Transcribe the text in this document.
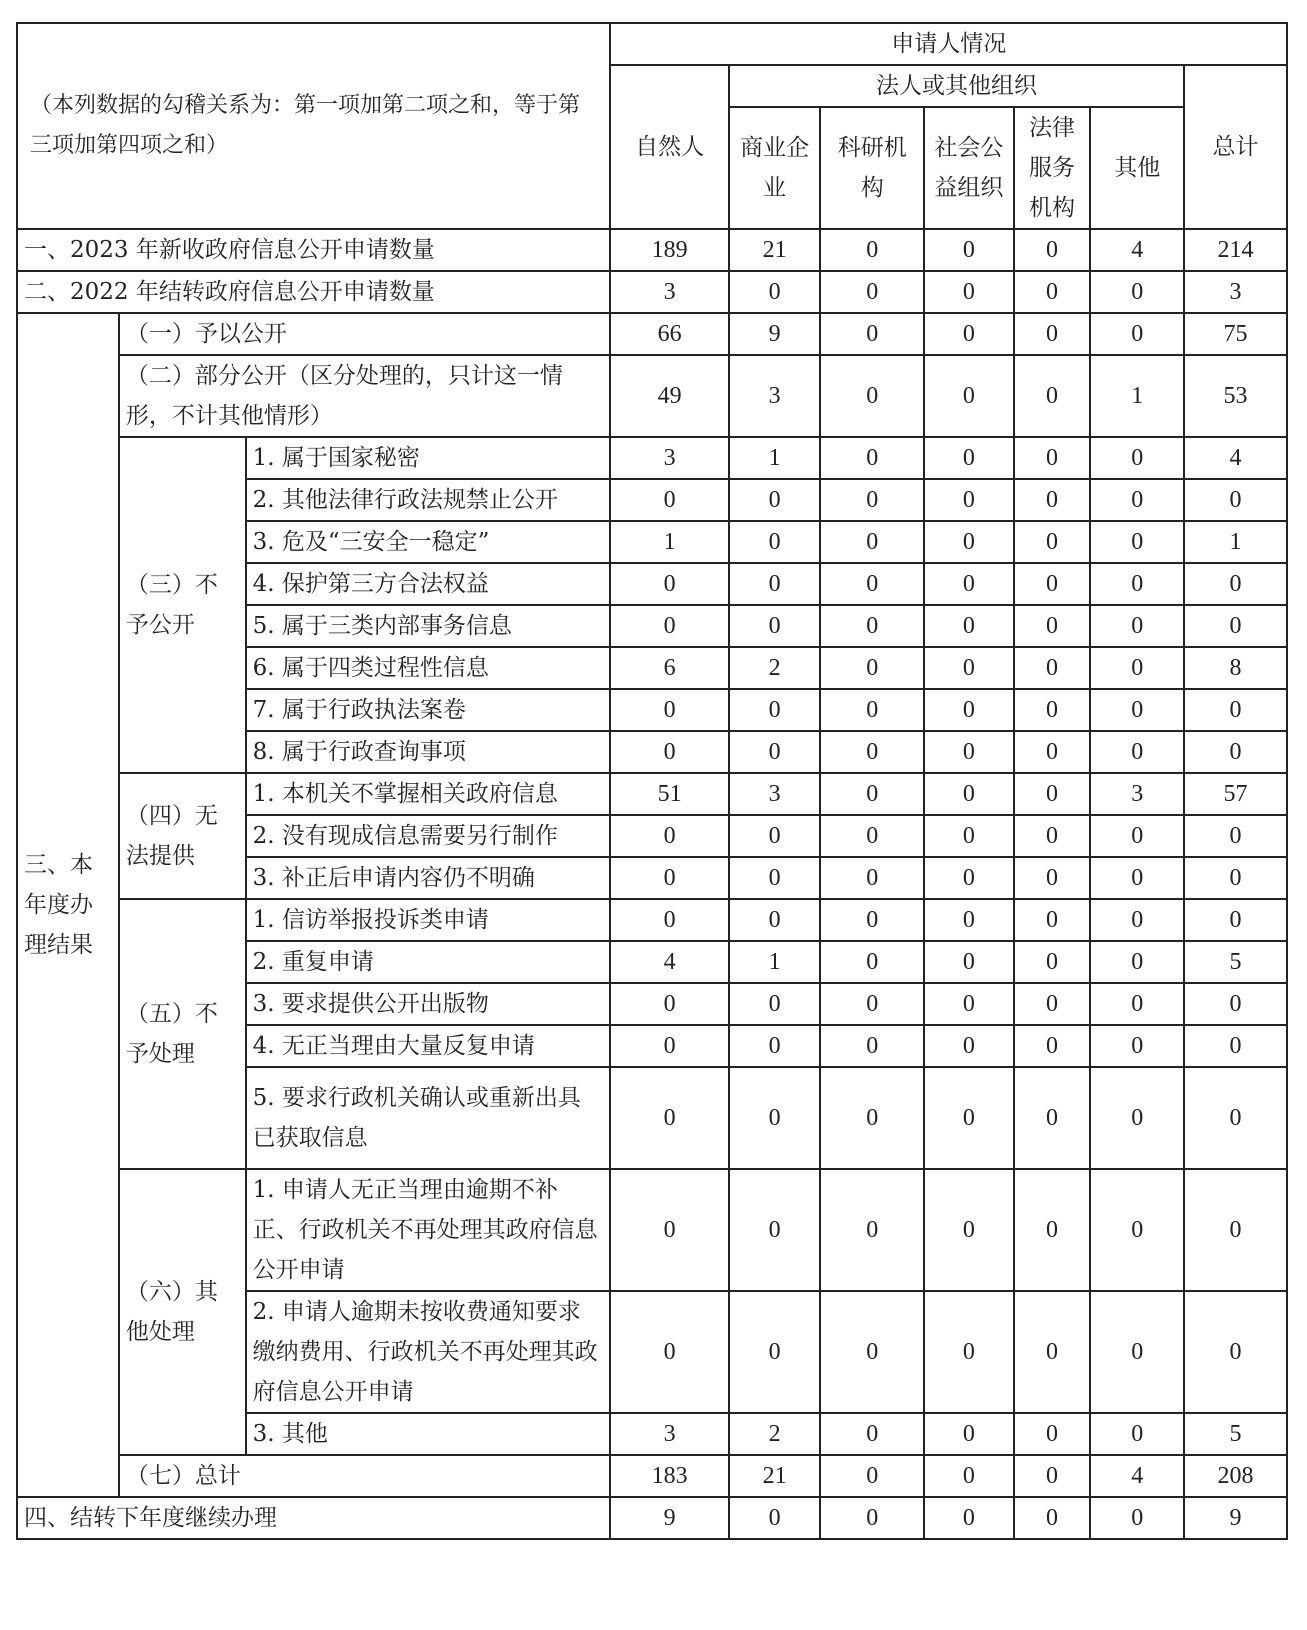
（本列数据的勾稽关系为：第一项加第二项之和，等于第三项加第四项之和）			申请人情况						
			自然人	法人或其他组织					总计
				商业企业	科研机构	社会公益组织	法律服务机构	其他	
一、2023 年新收政府信息公开申请数量			189	21	0	0	0	4	214
二、2022 年结转政府信息公开申请数量			3	0	0	0	0	0	3
三、本年度办理结果	（一）予以公开		66	9	0	0	0	0	75
	（二）部分公开（区分处理的，只计这一情形，不计其他情形）		49	3	0	0	0	1	53
	（三）不予公开	1. 属于国家秘密	3	1	0	0	0	0	4
		2. 其他法律行政法规禁止公开	0	0	0	0	0	0	0
		3. 危及“三安全一稳定”	1	0	0	0	0	0	1
		4. 保护第三方合法权益	0	0	0	0	0	0	0
		5. 属于三类内部事务信息	0	0	0	0	0	0	0
		6. 属于四类过程性信息	6	2	0	0	0	0	8
		7. 属于行政执法案卷	0	0	0	0	0	0	0
		8. 属于行政查询事项	0	0	0	0	0	0	0
	（四）无法提供	1. 本机关不掌握相关政府信息	51	3	0	0	0	3	57
		2. 没有现成信息需要另行制作	0	0	0	0	0	0	0
		3. 补正后申请内容仍不明确	0	0	0	0	0	0	0
	（五）不予处理	1. 信访举报投诉类申请	0	0	0	0	0	0	0
		2. 重复申请	4	1	0	0	0	0	5
		3. 要求提供公开出版物	0	0	0	0	0	0	0
		4. 无正当理由大量反复申请	0	0	0	0	0	0	0
		5. 要求行政机关确认或重新出具已获取信息	0	0	0	0	0	0	0
	（六）其他处理	1. 申请人无正当理由逾期不补正、行政机关不再处理其政府信息公开申请	0	0	0	0	0	0	0
		2. 申请人逾期未按收费通知要求缴纳费用、行政机关不再处理其政府信息公开申请	0	0	0	0	0	0	0
		3. 其他	3	2	0	0	0	0	5
	（七）总计		183	21	0	0	0	4	208
四、结转下年度继续办理			9	0	0	0	0	0	9
